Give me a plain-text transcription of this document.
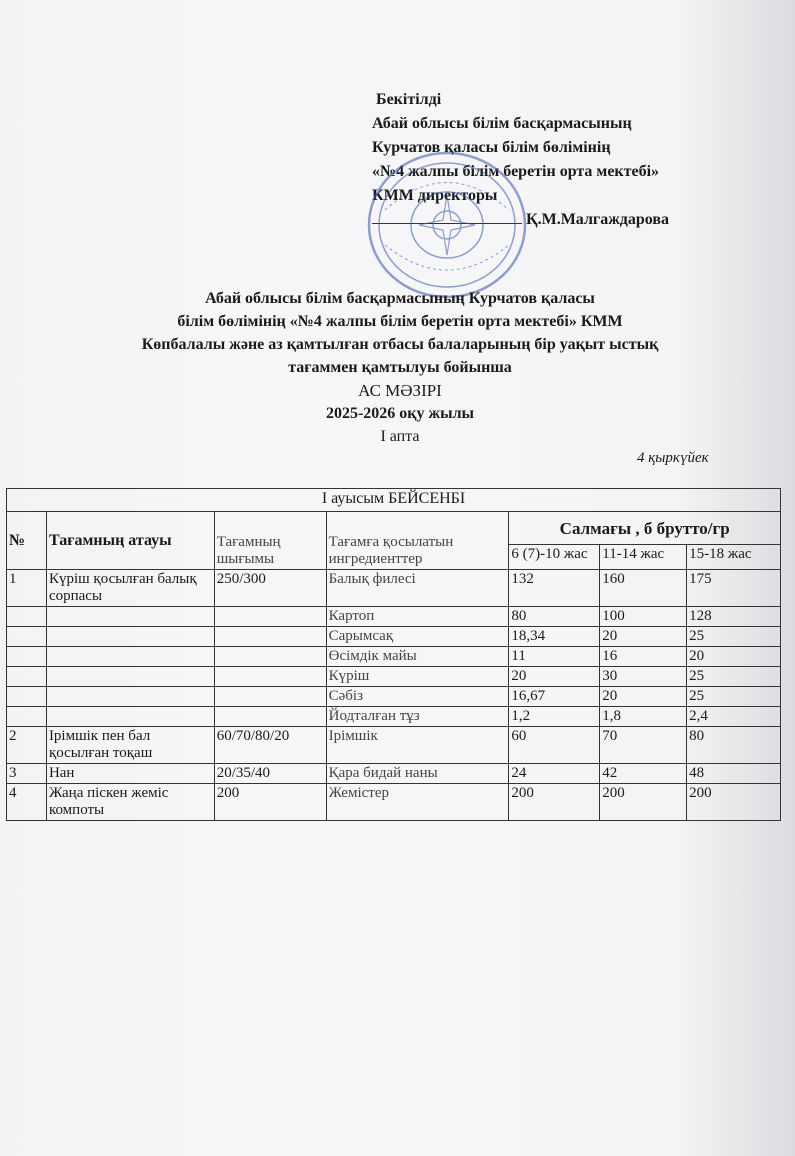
Бекітілді
Абай облысы білім басқармасының
Курчатов қаласы білім бөлімінің
«№4 жалпы білім беретін орта мектебі»
КММ директоры
Қ.М.Малгаждарова
Абай облысы білім басқармасының Курчатов қаласы
білім бөлімінің «№4 жалпы білім беретін орта мектебі» КММ
Көпбалалы және аз қамтылған отбасы балаларының бір уақыт ыстық
тағаммен қамтылуы бойынша
АС МӘЗІРІ
2025-2026 оқу жылы
I апта
4 қыркүйек
I ауысым БЕЙСЕНБІ						
№	Тағамның атауы	Тағамның шығымы	Тағамға қосылатын ингредиенттер	Салмағы , б брутто/гр		
				6 (7)-10 жас	11-14 жас	15-18 жас
1	Күріш қосылған балық сорпасы	250/300	Балық филесі	132	160	175
			Картоп	80	100	128
			Сарымсақ	18,34	20	25
			Өсімдік майы	11	16	20
			Күріш	20	30	25
			Сәбіз	16,67	20	25
			Йодталған тұз	1,2	1,8	2,4
2	Ірімшік пен бал қосылған тоқаш	60/70/80/20	Ірімшік	60	70	80
3	Нан	20/35/40	Қара бидай наны	24	42	48
4	Жаңа піскен жеміс компоты	200	Жемістер	200	200	200
